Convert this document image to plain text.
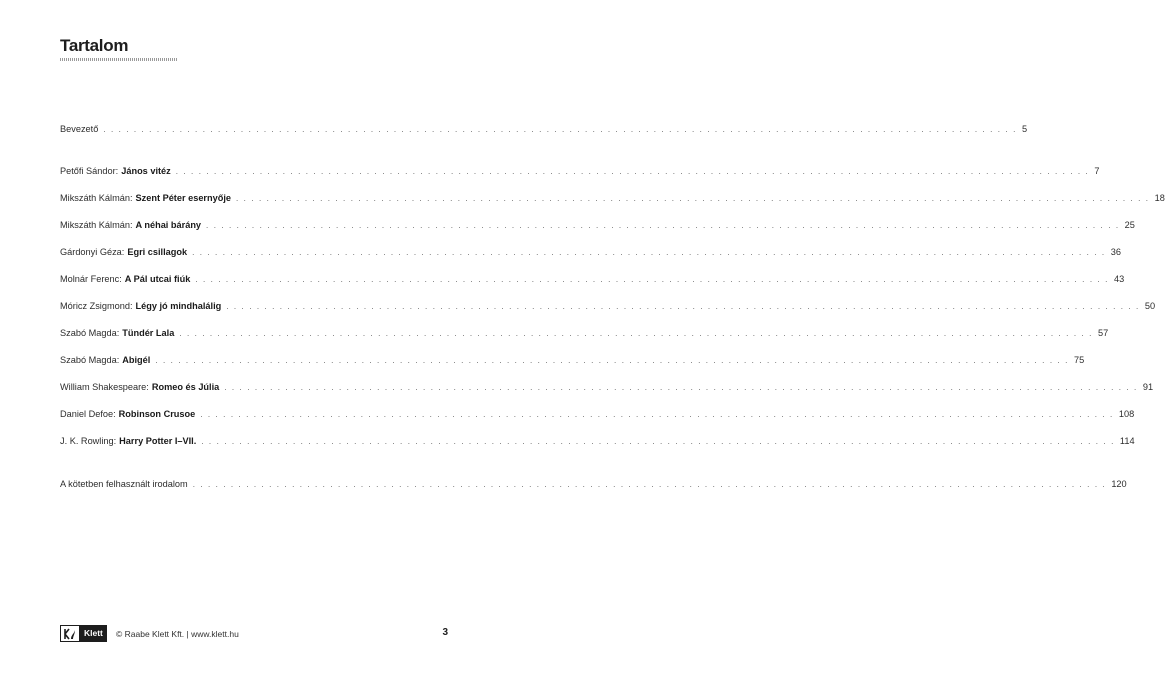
Tartalom
Bevezető . . . . . . . . . . . . . . . . . . . . . . . . . . . . . . . . . . . . . . . . . . . . . . . . . . . . . . . . . . . . . . . . . . . . . . . . . . . . . . . . . . . . . . . . . . . . . . . . . . . . . . . . . . . . . . . . . . . . . . . . 5
Petőfi Sándor: János vitéz . . . . . . . . . . . . . . . . . . . . . . . . . . . . . . . . . . . . . . . . . . . . . . . . . . . . . . . . . . . . . . . . . . . . . . . . . . . . . . . . . . . . . . . . . . . . . . . . . . . . . . . . . . . . . . . . . . . . . . . . 7
Mikszáth Kálmán: Szent Péter esernyője . . . . . . . . . . . . . . . . . . . . . . . . . . . . . . . . . . . . . . . . . . . . . . . . . . . . . . . . . . . . . . . . . . . . . . . . . . . . . . . . . . . . . . . . . . . . . . . . . . . . . . . . . . . . . . . . . . . . . . . . 18
Mikszáth Kálmán: A néhai bárány . . . . . . . . . . . . . . . . . . . . . . . . . . . . . . . . . . . . . . . . . . . . . . . . . . . . . . . . . . . . . . . . . . . . . . . . . . . . . . . . . . . . . . . . . . . . . . . . . . . . . . . . . . . . . . . . . . . . . . . . 25
Gárdonyi Géza: Egri csillagok . . . . . . . . . . . . . . . . . . . . . . . . . . . . . . . . . . . . . . . . . . . . . . . . . . . . . . . . . . . . . . . . . . . . . . . . . . . . . . . . . . . . . . . . . . . . . . . . . . . . . . . . . . . . . . . . . . . . . . . . 36
Molnár Ferenc: A Pál utcai fiúk . . . . . . . . . . . . . . . . . . . . . . . . . . . . . . . . . . . . . . . . . . . . . . . . . . . . . . . . . . . . . . . . . . . . . . . . . . . . . . . . . . . . . . . . . . . . . . . . . . . . . . . . . . . . . . . . . . . . . . . . 43
Móricz Zsigmond: Légy jó mindhalálig . . . . . . . . . . . . . . . . . . . . . . . . . . . . . . . . . . . . . . . . . . . . . . . . . . . . . . . . . . . . . . . . . . . . . . . . . . . . . . . . . . . . . . . . . . . . . . . . . . . . . . . . . . . . . . . . . . . . . . . . 50
Szabó Magda: Tündér Lala . . . . . . . . . . . . . . . . . . . . . . . . . . . . . . . . . . . . . . . . . . . . . . . . . . . . . . . . . . . . . . . . . . . . . . . . . . . . . . . . . . . . . . . . . . . . . . . . . . . . . . . . . . . . . . . . . . . . . . . . 57
Szabó Magda: Abigél . . . . . . . . . . . . . . . . . . . . . . . . . . . . . . . . . . . . . . . . . . . . . . . . . . . . . . . . . . . . . . . . . . . . . . . . . . . . . . . . . . . . . . . . . . . . . . . . . . . . . . . . . . . . . . . . . . . . . . . . 75
William Shakespeare: Romeo és Júlia . . . . . . . . . . . . . . . . . . . . . . . . . . . . . . . . . . . . . . . . . . . . . . . . . . . . . . . . . . . . . . . . . . . . . . . . . . . . . . . . . . . . . . . . . . . . . . . . . . . . . . . . . . . . . . . . . . . . . . . . 91
Daniel Defoe: Robinson Crusoe . . . . . . . . . . . . . . . . . . . . . . . . . . . . . . . . . . . . . . . . . . . . . . . . . . . . . . . . . . . . . . . . . . . . . . . . . . . . . . . . . . . . . . . . . . . . . . . . . . . . . . . . . . . . . . . . . . . . . . . . 108
J. K. Rowling: Harry Potter I–VII. . . . . . . . . . . . . . . . . . . . . . . . . . . . . . . . . . . . . . . . . . . . . . . . . . . . . . . . . . . . . . . . . . . . . . . . . . . . . . . . . . . . . . . . . . . . . . . . . . . . . . . . . . . . . . . . . . . . . . . . . 114
A kötetben felhasznált irodalom . . . . . . . . . . . . . . . . . . . . . . . . . . . . . . . . . . . . . . . . . . . . . . . . . . . . . . . . . . . . . . . . . . . . . . . . . . . . . . . . . . . . . . . . . . . . . . . . . . . . . . . . . . . . . . . . . . . . . . . . 120
Klett	© Raabe Klett Kft. | www.klett.hu	3
